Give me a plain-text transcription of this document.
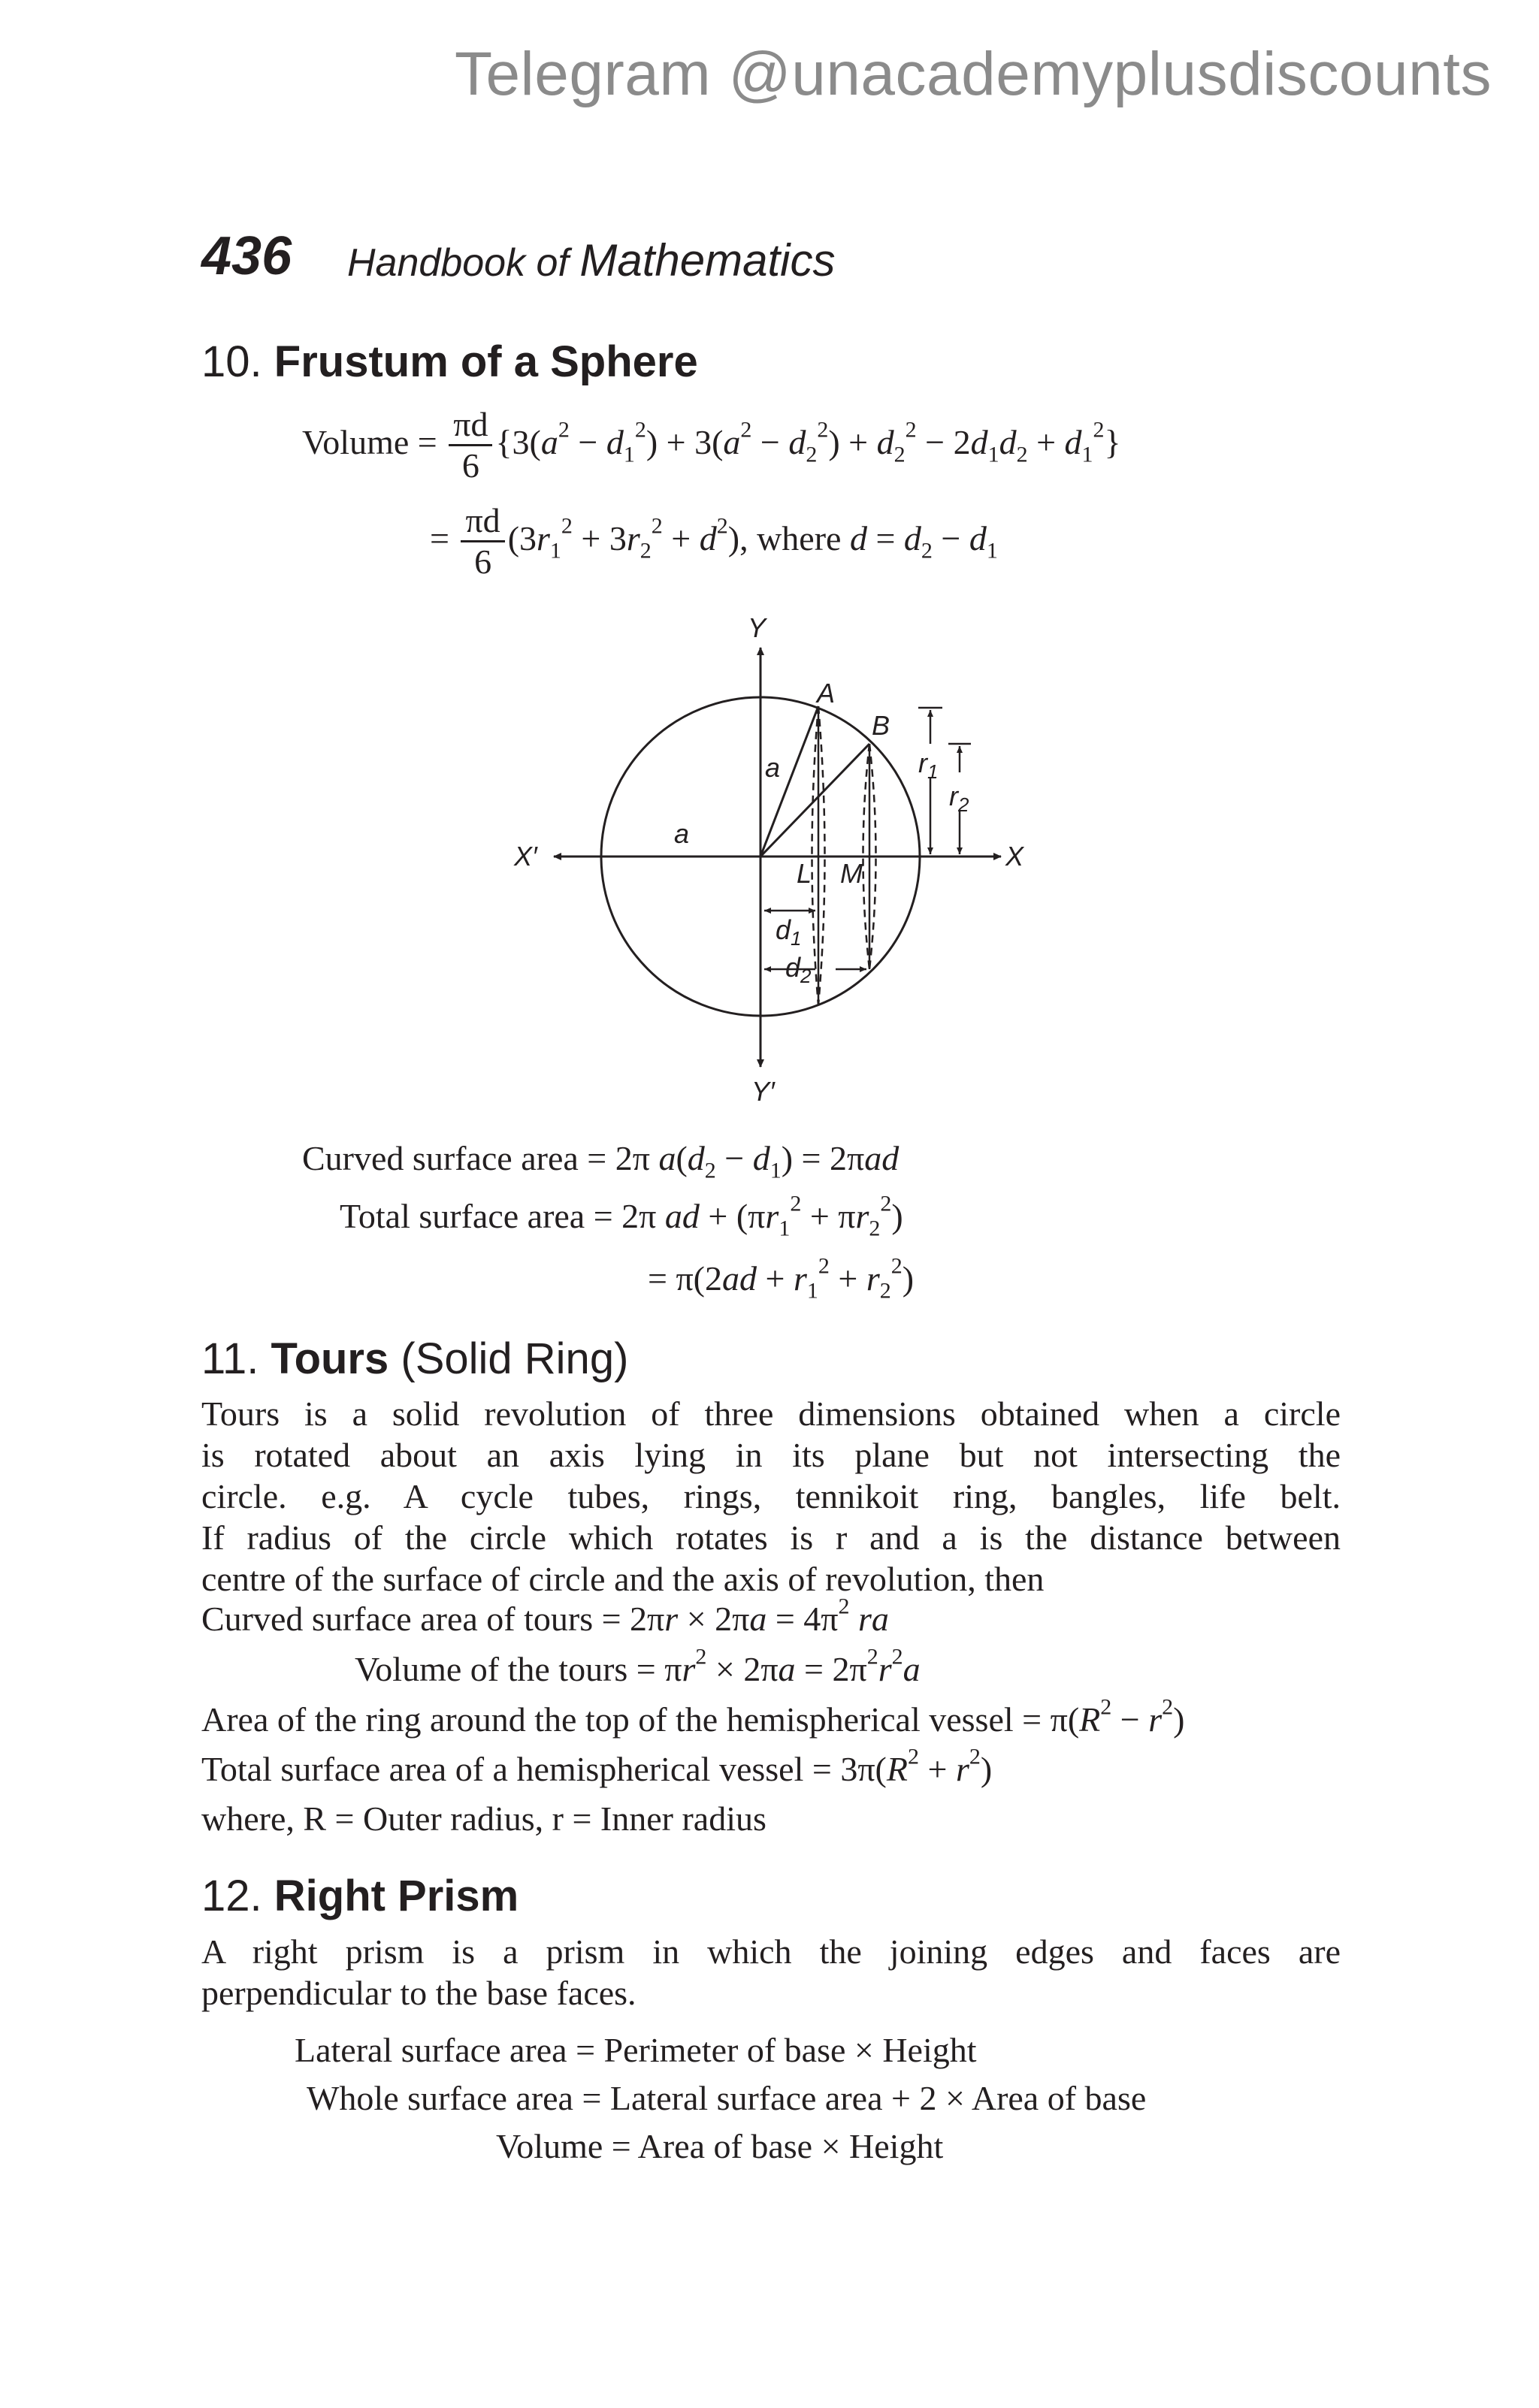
Telegram @unacademyplusdiscounts
436 Handbook of Mathematics
10. Frustum of a Sphere
Volume = $\frac{\pi d}{6} \{3(a^2 - d_1^2) + 3(a^2 - d_2^2) + d_2^2 - 2d_1d_2 + d_1^2\}$
= $\frac{\pi d}{6} (3r_1^2 + 3r_2^2 + d^2)$, where $d = d_2 - d_1$
Y
Y′
X′	X
a
a
A
B
$r_1$
$r_2$
L M
$d_1$
$d_2$
Curved surface area = 2π $a(d_2 - d_1) = 2\pi ad$
Total surface area = 2π ad + $(\pi r_1^2 + \pi r_2^2)$
= $\pi(2ad + r_1^2 + r_2^2)$
11. Tours (Solid Ring)
Tours is a solid revolution of three dimensions obtained when a circle
is rotated about an axis lying in its plane but not intersecting the
circle. e.g. A cycle tubes, rings, tennikoit ring, bangles, life belt.
If radius of the circle which rotates is r and a is the distance between
centre of the surface of circle and the axis of revolution, then
Curved surface area of tours = $2\pi r \times 2\pi a = 4\pi^2$ ra
Volume of the tours = $\pi r^2 \times 2\pi a = 2\pi^2r^2a$
Area of the ring around the top of the hemispherical vessel = $\pi(R^2 - r^2)$
Total surface area of a hemispherical vessel = $3\pi(R^2 + r^2)$
where, R = Outer radius, r = Inner radius
12. Right Prism
A right prism is a prism in which the joining edges and faces are
perpendicular to the base faces.
Lateral surface area = Perimeter of base × Height
Whole surface area = Lateral surface area + 2 × Area of base
Volume = Area of base × Height
